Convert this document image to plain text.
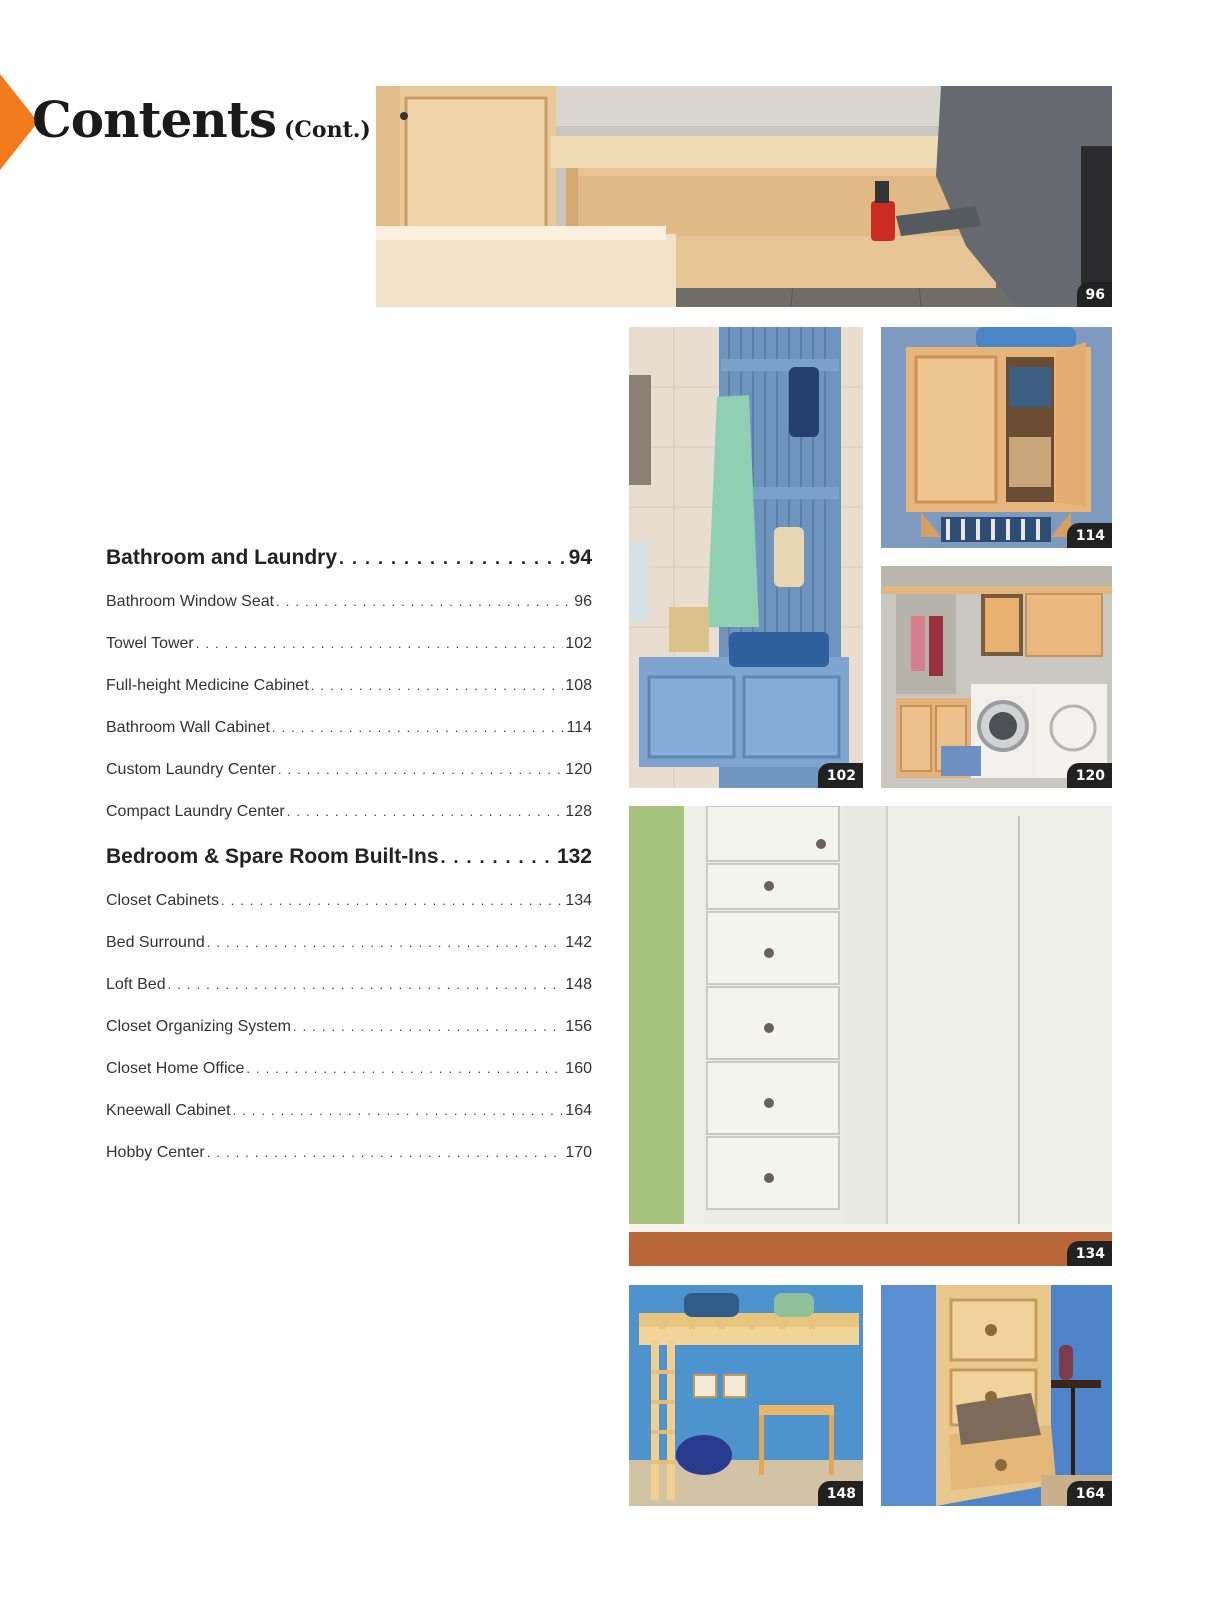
Contents (Cont.)
96
102
114
120
134
148	164
Bathroom and Laundry . . .	94
Bathroom Window Seat . . .	96
Towel Tower . . .	102
Full-height Medicine Cabinet . . .	108
Bathroom Wall Cabinet . . .	114
Custom Laundry Center . . .	120
Compact Laundry Center . . .	128
Bedroom & Spare Room Built-Ins . . .	132
Closet Cabinets . . .	134
Bed Surround . . .	142
Loft Bed . . .	148
Closet Organizing System . . .	156
Closet Home Office . . .	160
Kneewall Cabinet . . .	164
Hobby Center . . .	170
